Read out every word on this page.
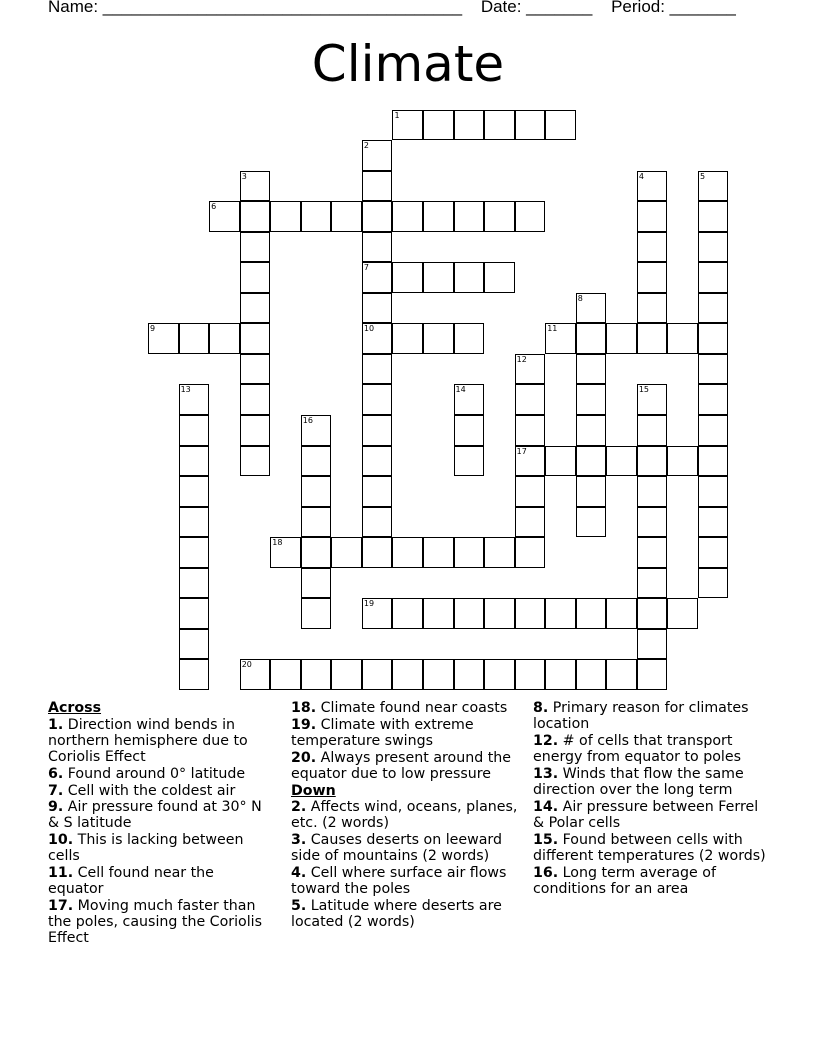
Name: ______________________________________ Date: _______ Period: _______
Climate
1
2
7
10
3	4	5
6
8
9	11
12
17
13	14	15
16
18
19
20
Across
1. Direction wind bends in northern hemisphere due to Coriolis Effect
6. Found around 0° latitude
7. Cell with the coldest air
9. Air pressure found at 30° N & S latitude
10. This is lacking between cells
11. Cell found near the equator
17. Moving much faster than the poles, causing the Coriolis Effect
18. Climate found near coasts
19. Climate with extreme temperature swings
20. Always present around the equator due to low pressure
Down
2. Affects wind, oceans, planes, etc. (2 words)
3. Causes deserts on leeward side of mountains (2 words)
4. Cell where surface air flows toward the poles
5. Latitude where deserts are located (2 words)
8. Primary reason for climates location
12. # of cells that transport energy from equator to poles
13. Winds that flow the same direction over the long term
14. Air pressure between Ferrel & Polar cells
15. Found between cells with different temperatures (2 words)
16. Long term average of conditions for an area
